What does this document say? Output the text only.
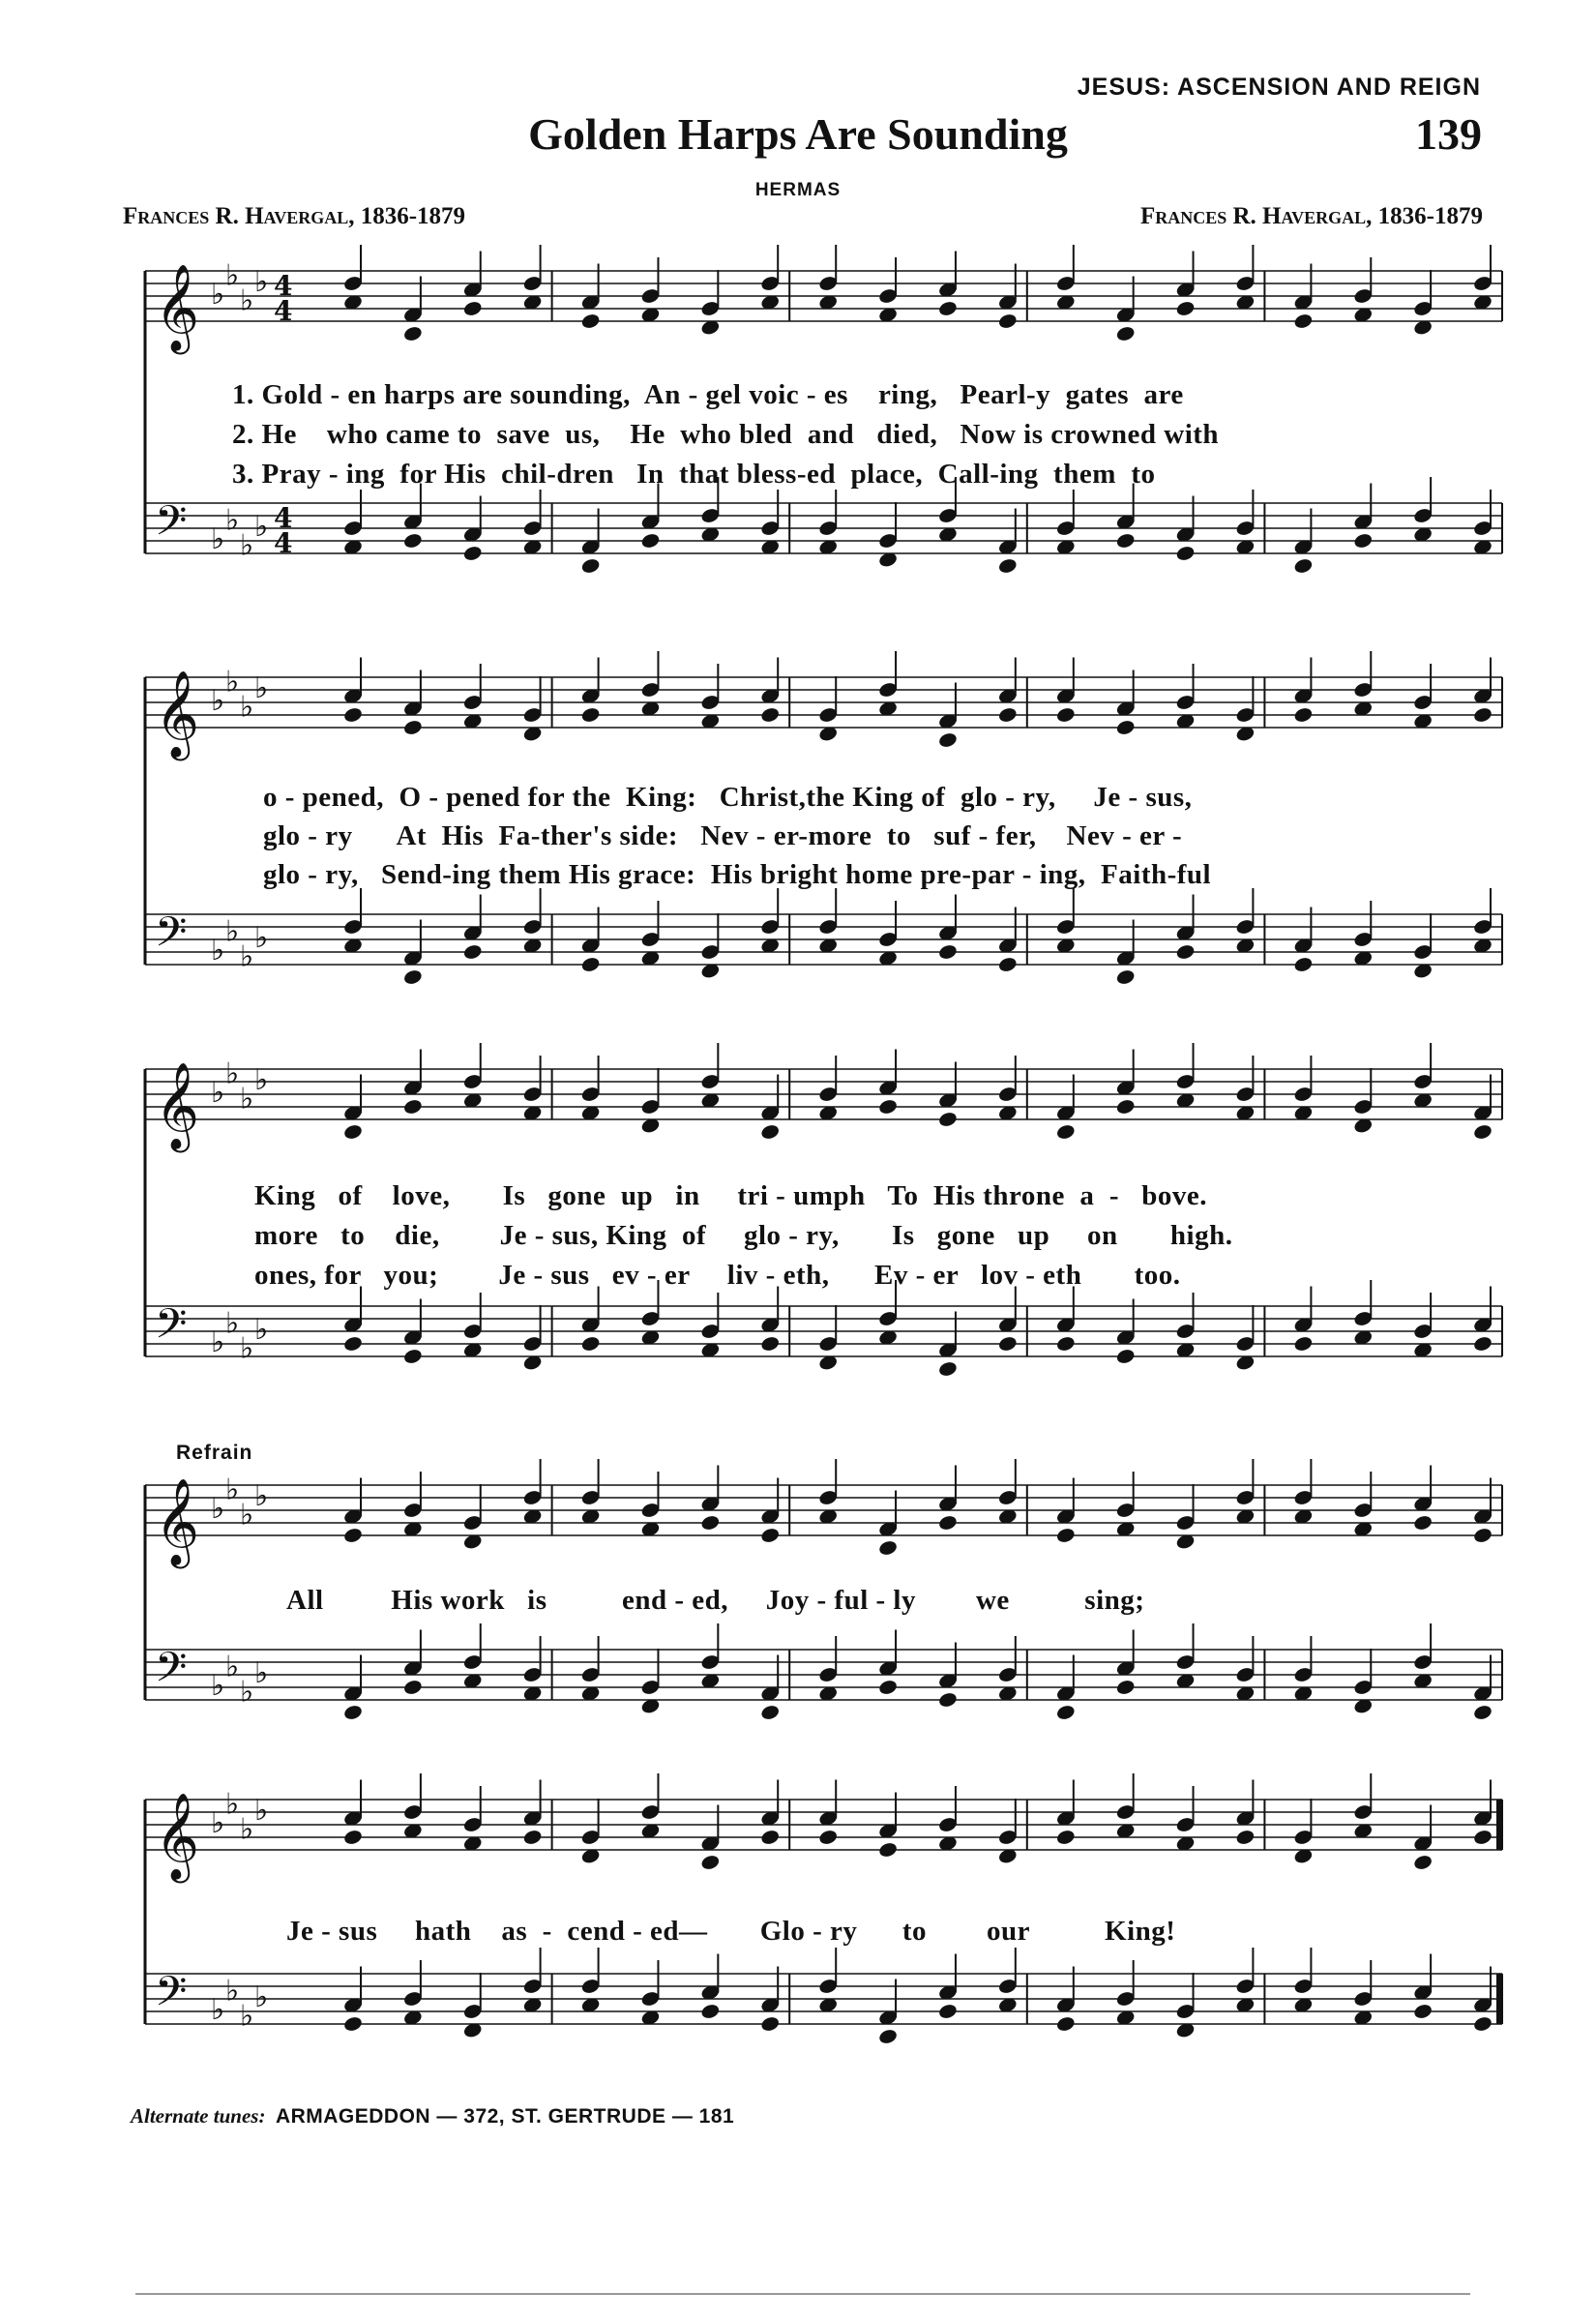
JESUS: ASCENSION AND REIGN
Golden Harps Are Sounding	139
HERMAS
Frances R. Havergal, 1836-1879	Frances R. Havergal, 1836-1879
𝄞 ♭
♭
♭
♭ 4
4
𝄢 ♭
♭
♭
♭ 4
4
1. Gold - en harps are sounding,  An - gel voic - es    ring,   Pearl-y  gates  are
2. He    who came to  save  us,    He  who bled  and   died,   Now is crowned with
3. Pray - ing  for His  chil-dren   In  that bless-ed  place,  Call-ing  them  to
𝄞 ♭
♭
♭
♭
𝄢 ♭
♭
♭
♭
o - pened,  O - pened for the  King:   Christ,the King of  glo - ry,     Je - sus,
glo - ry      At  His  Fa-ther's side:   Nev - er-more  to   suf - fer,    Nev - er -
glo - ry,   Send-ing them His grace:  His bright home pre-par - ing,  Faith-ful
𝄞 ♭
♭
♭
♭
𝄢 ♭
♭
♭
♭
King   of    love,       Is   gone  up   in     tri - umph   To  His throne  a  -   bove.
more   to    die,        Je - sus, King  of     glo - ry,       Is   gone   up     on       high.
ones, for   you;        Je - sus   ev - er     liv - eth,      Ev - er   lov - eth       too.
Refrain
𝄞 ♭
♭
♭
♭
𝄢 ♭
♭
♭
♭
All         His work   is          end - ed,     Joy - ful - ly        we          sing;
𝄞 ♭
♭
♭
♭
𝄢 ♭
♭
♭
♭
Je - sus     hath    as  -  cend - ed—       Glo - ry      to        our          King!
Alternate tunes: ARMAGEDDON — 372, ST. GERTRUDE — 181
